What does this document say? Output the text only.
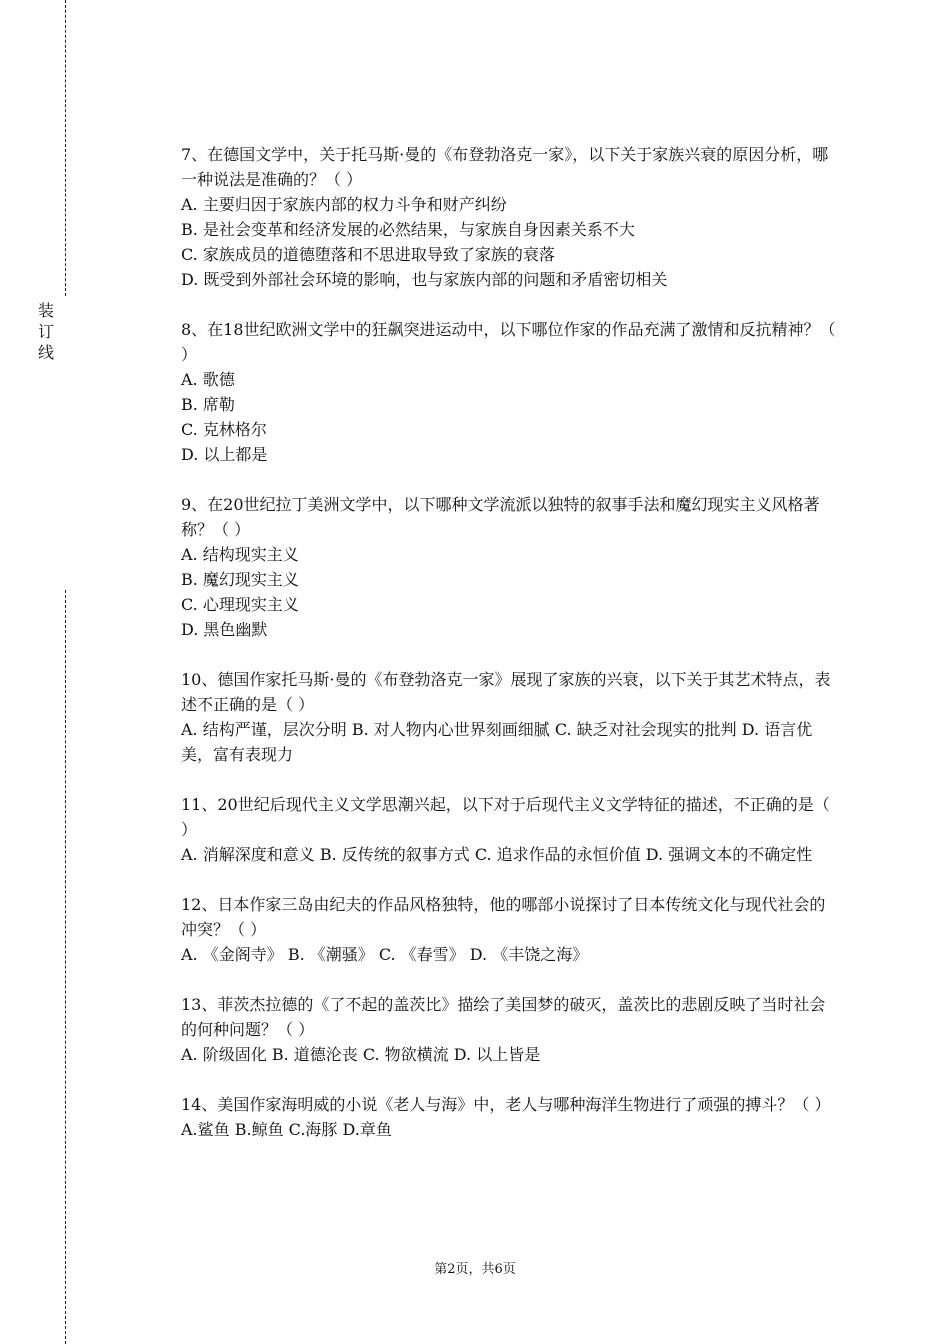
装
订
线

7、在德国文学中，关于托马斯·曼的《布登勃洛克一家》，以下关于家族兴衰的原因分析，哪一种说法是准确的？（ ）

A. 主要归因于家族内部的权力斗争和财产纠纷

B. 是社会变革和经济发展的必然结果，与家族自身因素关系不大

C. 家族成员的道德堕落和不思进取导致了家族的衰落

D. 既受到外部社会环境的影响，也与家族内部的问题和矛盾密切相关

8、在18世纪欧洲文学中的狂飙突进运动中，以下哪位作家的作品充满了激情和反抗精神？（ ）

A. 歌德

B. 席勒

C. 克林格尔

D. 以上都是

9、在20世纪拉丁美洲文学中，以下哪种文学流派以独特的叙事手法和魔幻现实主义风格著称？（ ）

A. 结构现实主义

B. 魔幻现实主义

C. 心理现实主义

D. 黑色幽默

10、德国作家托马斯·曼的《布登勃洛克一家》展现了家族的兴衰，以下关于其艺术特点，表述不正确的是（ ）

A. 结构严谨，层次分明 B. 对人物内心世界刻画细腻 C. 缺乏对社会现实的批判 D. 语言优美，富有表现力

11、20世纪后现代主义文学思潮兴起，以下对于后现代主义文学特征的描述，不正确的是（ ）

A. 消解深度和意义 B. 反传统的叙事方式 C. 追求作品的永恒价值 D. 强调文本的不确定性

12、日本作家三岛由纪夫的作品风格独特，他的哪部小说探讨了日本传统文化与现代社会的冲突？（ ）

A. 《金阁寺》 B. 《潮骚》 C. 《春雪》 D. 《丰饶之海》

13、菲茨杰拉德的《了不起的盖茨比》描绘了美国梦的破灭，盖茨比的悲剧反映了当时社会的何种问题？（ ）

A. 阶级固化 B. 道德沦丧 C. 物欲横流 D. 以上皆是

14、美国作家海明威的小说《老人与海》中，老人与哪种海洋生物进行了顽强的搏斗？（ ）

A.鲨鱼 B.鲸鱼 C.海豚 D.章鱼

第2页，共6页
